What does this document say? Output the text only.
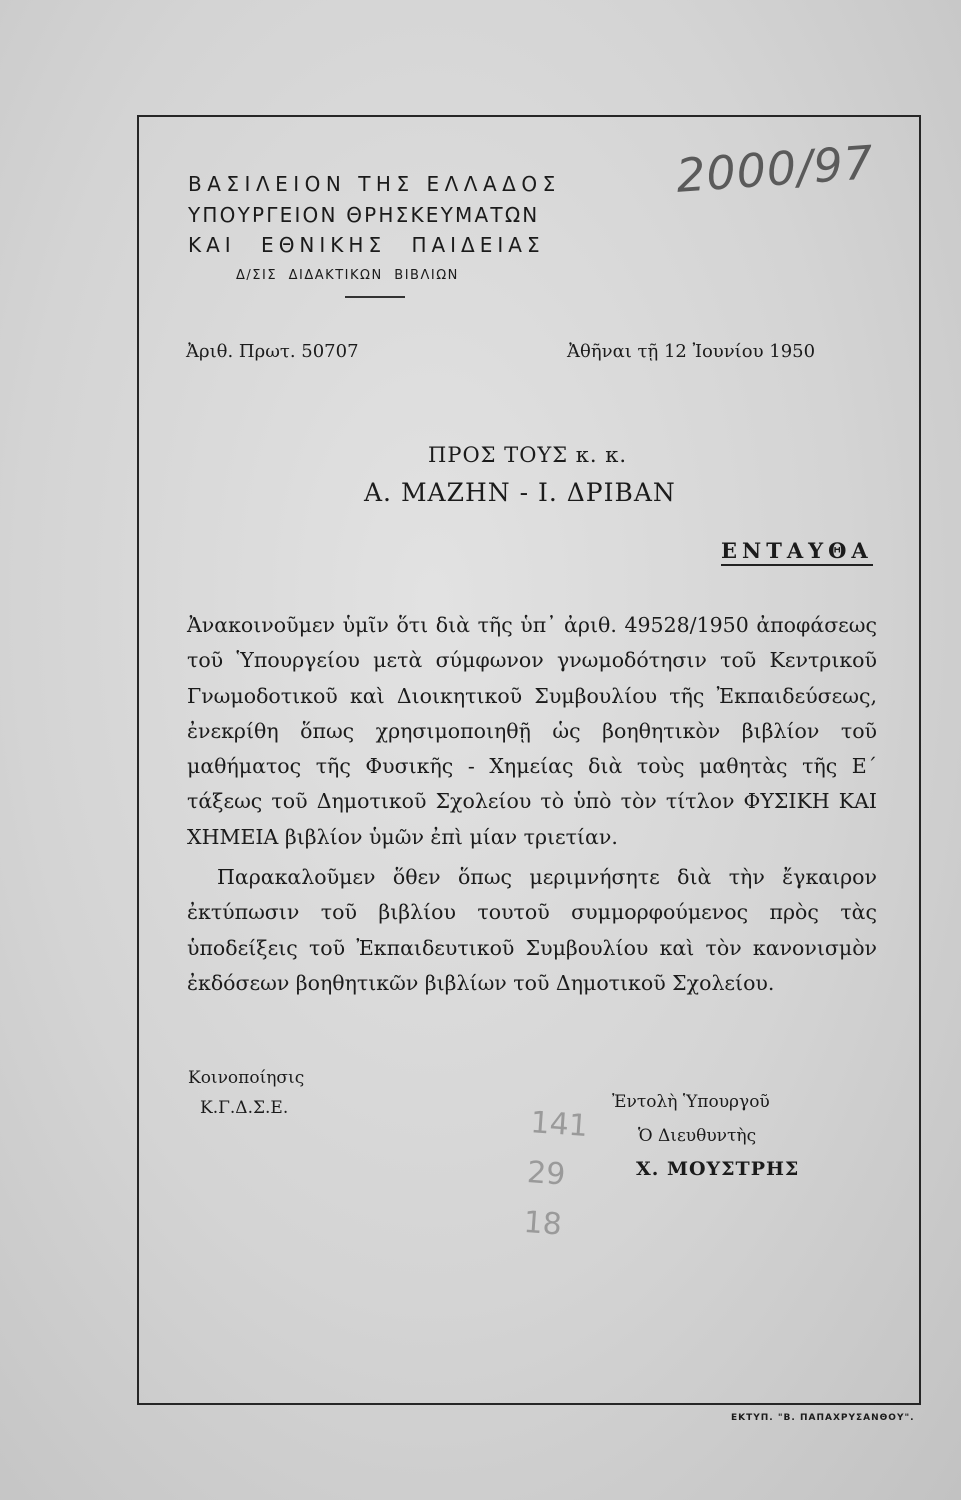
ΒΑΣΙΛΕΙΟΝ ΤΗΣ ΕΛΛΑΔΟΣ
ΥΠΟΥΡΓΕΙΟΝ ΘΡΗΣΚΕΥΜΑΤΩΝ
ΚΑΙ ΕΘΝΙΚΗΣ ΠΑΙΔΕΙΑΣ
Δ/ΣΙΣ ΔΙΔΑΚΤΙΚΩΝ ΒΙΒΛΙΩΝ
2000/97
Ἀριθ. Πρωτ. 50707	Ἀθῆναι τῇ 12 Ἰουνίου 1950
ΠΡΟΣ ΤΟΥΣ κ. κ.
Α. ΜΑΖΗΝ - Ι. ΔΡΙΒΑΝ
ΕΝΤΑΥΘΑ

Ἀνακοινοῦμεν ὑμῖν ὅτι διὰ τῆς ὑπ᾽ ἀριθ. 49528/1950 ἀποφάσεως τοῦ Ὑπουργείου μετὰ σύμφωνον γνωμοδότησιν τοῦ Κεντρικοῦ Γνωμοδοτικοῦ καὶ Διοικητικοῦ Συμβουλίου τῆς Ἐκπαιδεύσεως, ἐνεκρίθη ὅπως χρησιμοποιηθῇ ὡς βοηθητικὸν βιβλίον τοῦ μαθήματος τῆς Φυσικῆς - Χημείας διὰ τοὺς μαθητὰς τῆς Ε΄ τάξεως τοῦ Δημοτικοῦ Σχολείου τὸ ὑπὸ τὸν τίτλον ΦΥΣΙΚΗ ΚΑΙ ΧΗΜΕΙΑ βιβλίον ὑμῶν ἐπὶ μίαν τριετίαν.

Παρακαλοῦμεν ὅθεν ὅπως μεριμνήσητε διὰ τὴν ἔγκαιρον ἐκτύπωσιν τοῦ βιβλίου τουτοῦ συμμορφούμενος πρὸς τὰς ὑποδείξεις τοῦ Ἐκπαιδευτικοῦ Συμβουλίου καὶ τὸν κανονισμὸν ἐκδόσεων βοηθητικῶν βιβλίων τοῦ Δημοτικοῦ Σχολείου.

Κοινοποίησις
Κ.Γ.Δ.Σ.Ε.	141
29
18
Ἐντολὴ Ὑπουργοῦ
Ὁ Διευθυντὴς
Χ. ΜΟΥΣΤΡΗΣ
ΕΚΤΥΠ. "Β. ΠΑΠΑΧΡΥΣΑΝΘΟΥ".
